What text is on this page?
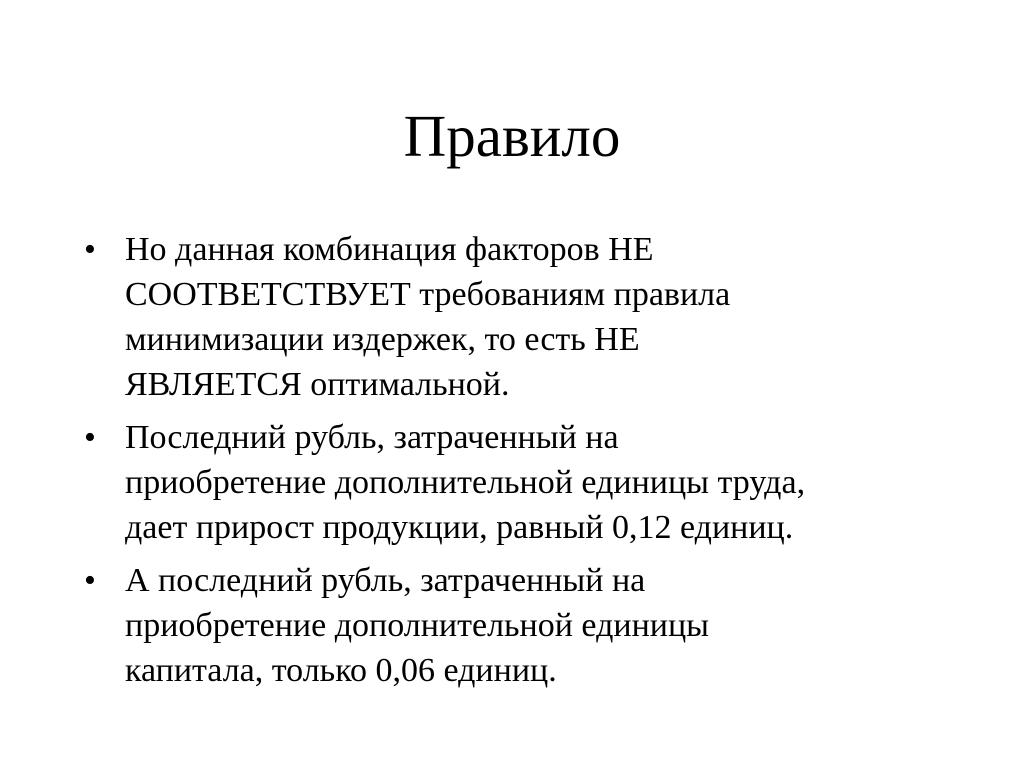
Правило
• Но данная комбинация факторов НЕ
СООТВЕТСТВУЕТ требованиям правила
минимизации издержек, то есть НЕ
ЯВЛЯЕТСЯ оптимальной.
• Последний рубль, затраченный на
приобретение дополнительной единицы труда,
дает прирост продукции, равный 0,12 единиц.
• А последний рубль, затраченный на
приобретение дополнительной единицы
капитала, только 0,06 единиц.
